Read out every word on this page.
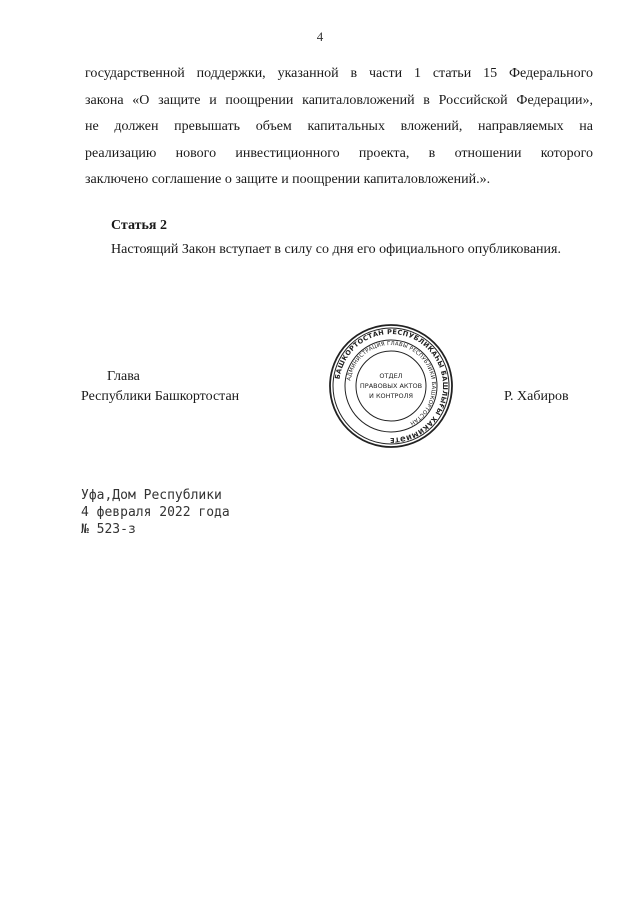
4
государственной поддержки, указанной в части 1 статьи 15 Федерального
закона «О защите и поощрении капиталовложений в Российской Федерации»,
не должен превышать объем капитальных вложений, направляемых на
реализацию нового инвестиционного проекта, в отношении которого
заключено соглашение о защите и поощрении капиталовложений.».
Статья 2
Настоящий Закон вступает в силу со дня его официального опубликования.
Глава
Республики Башкортостан	Р. Хабиров
БАШКОРТОСТАН РЕСПУБЛИКАҺЫ БАШЛЫҒЫ ХАКИМИӘТЕ
АДМИНИСТРАЦИЯ ГЛАВЫ РЕСПУБЛИКИ БАШКОРТОСТАН
ОТДЕЛ
ПРАВОВЫХ АКТОВ
И КОНТРОЛЯ
Уфа,Дом Республики
4 февраля 2022 года
№ 523-з
